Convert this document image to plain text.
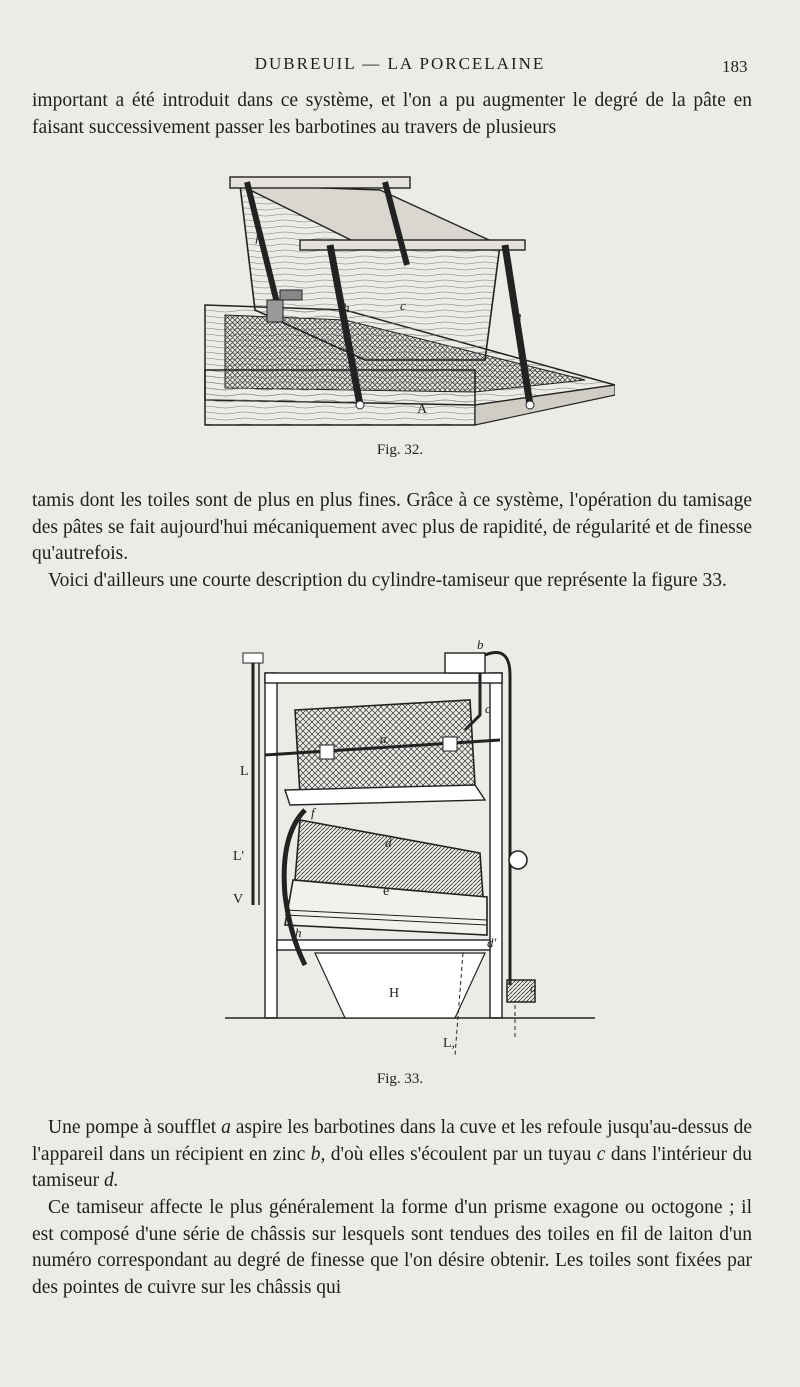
DUBREUIL — LA PORCELAINE	183

important a été introduit dans ce système, et l'on a pu augmenter le degré de la pâte en faisant successivement passer les barbotines au travers de plusieurs

h
h
h
c
A
Fig. 32.

tamis dont les toiles sont de plus en plus fines. Grâce à ce système, l'opération du tamisage des pâtes se fait aujourd'hui mécaniquement avec plus de rapidité, de régularité et de finesse qu'autrefois.

Voici d'ailleurs une courte description du cylindre-tamiseur que représente la figure 33.

b
c
a
d
e
f
h
H	a
L
L'
V
d'
L,
Fig. 33.

Une pompe à soufflet a aspire les barbotines dans la cuve et les refoule jusqu'au-dessus de l'appareil dans un récipient en zinc b, d'où elles s'écoulent par un tuyau c dans l'intérieur du tamiseur d.

Ce tamiseur affecte le plus généralement la forme d'un prisme exagone ou octogone ; il est composé d'une série de châssis sur lesquels sont tendues des toiles en fil de laiton d'un numéro correspondant au degré de finesse que l'on désire obtenir. Les toiles sont fixées par des pointes de cuivre sur les châssis qui
